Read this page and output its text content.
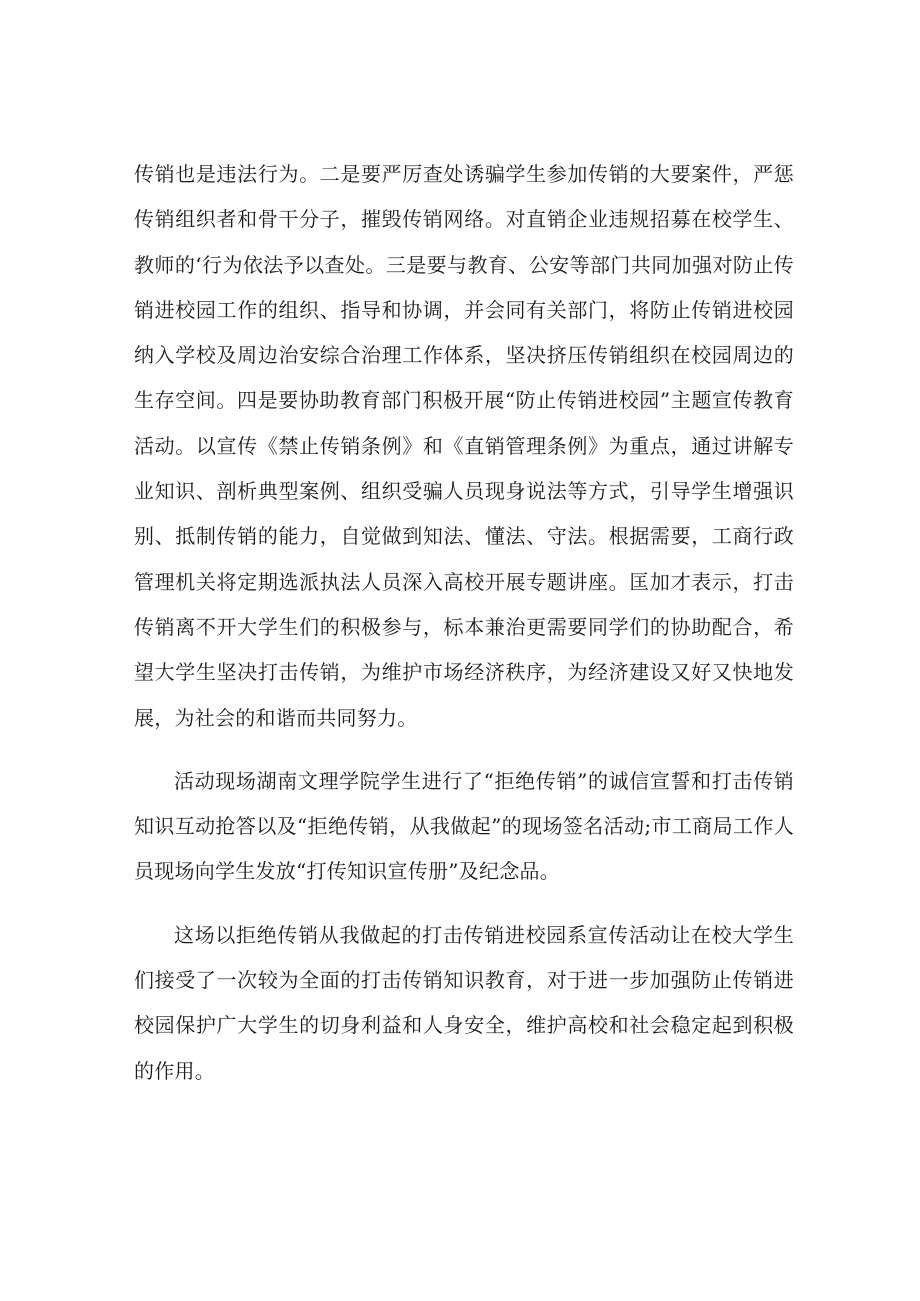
传销也是违法行为。二是要严厉查处诱骗学生参加传销的大要案件，严惩传销组织者和骨干分子，摧毁传销网络。对直销企业违规招募在校学生、教师的‘行为依法予以查处。三是要与教育、公安等部门共同加强对防止传销进校园工作的组织、指导和协调，并会同有关部门，将防止传销进校园纳入学校及周边治安综合治理工作体系，坚决挤压传销组织在校园周边的生存空间。四是要协助教育部门积极开展“防止传销进校园”主题宣传教育活动。以宣传《禁止传销条例》和《直销管理条例》为重点，通过讲解专业知识、剖析典型案例、组织受骗人员现身说法等方式，引导学生增强识别、抵制传销的能力，自觉做到知法、懂法、守法。根据需要，工商行政管理机关将定期选派执法人员深入高校开展专题讲座。匡加才表示，打击传销离不开大学生们的积极参与，标本兼治更需要同学们的协助配合，希望大学生坚决打击传销，为维护市场经济秩序，为经济建设又好又快地发展，为社会的和谐而共同努力。

活动现场湖南文理学院学生进行了“拒绝传销”的诚信宣誓和打击传销知识互动抢答以及“拒绝传销，从我做起”的现场签名活动;市工商局工作人员现场向学生发放“打传知识宣传册”及纪念品。

这场以拒绝传销从我做起的打击传销进校园系宣传活动让在校大学生们接受了一次较为全面的打击传销知识教育，对于进一步加强防止传销进校园保护广大学生的切身利益和人身安全，维护高校和社会稳定起到积极的作用。
